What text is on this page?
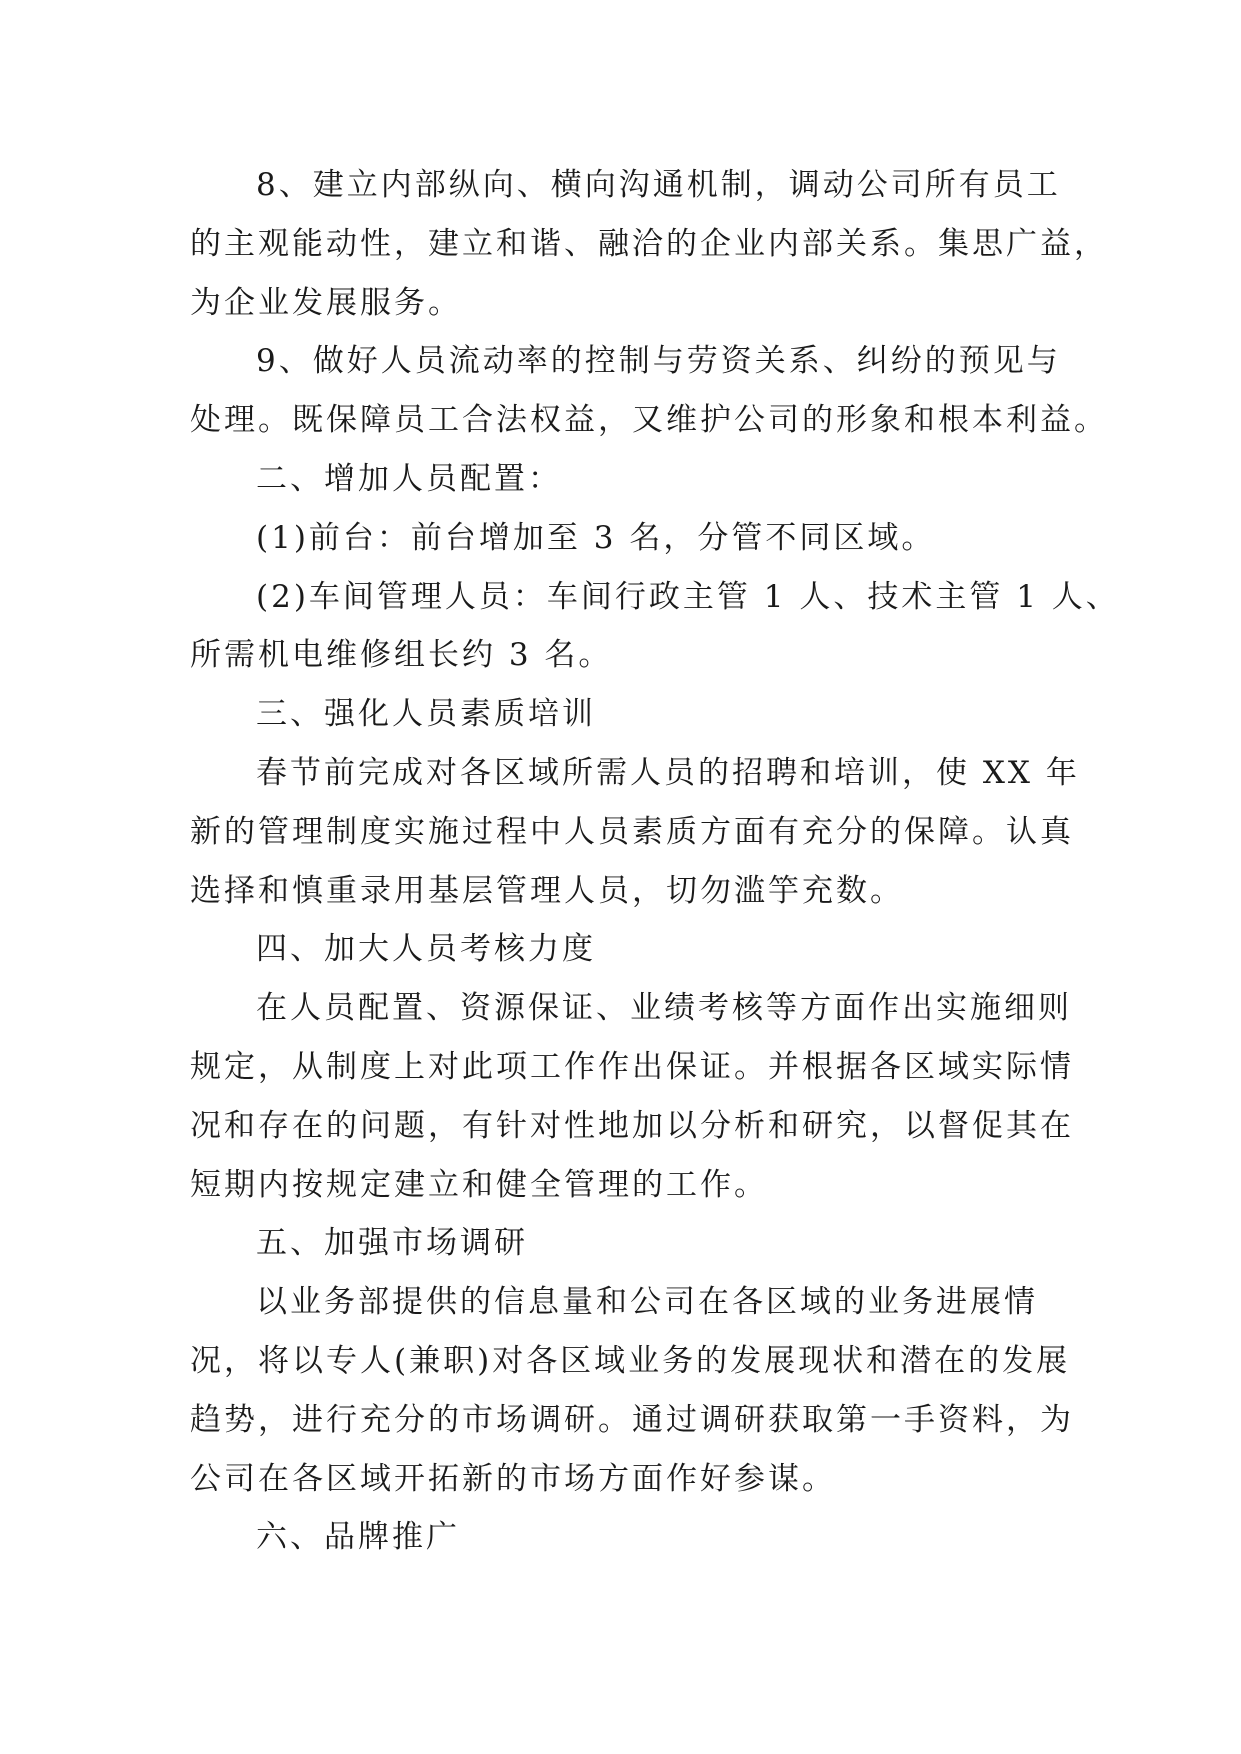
8、建立内部纵向、横向沟通机制，调动公司所有员工
的主观能动性，建立和谐、融洽的企业内部关系。集思广益，
为企业发展服务。
9、做好人员流动率的控制与劳资关系、纠纷的预见与
处理。既保障员工合法权益，又维护公司的形象和根本利益。
二、增加人员配置：
(1)前台：前台增加至 3 名，分管不同区域。
(2)车间管理人员：车间行政主管 1 人、技术主管 1 人、
所需机电维修组长约 3 名。
三、强化人员素质培训
春节前完成对各区域所需人员的招聘和培训，使 XX 年
新的管理制度实施过程中人员素质方面有充分的保障。认真
选择和慎重录用基层管理人员，切勿滥竽充数。
四、加大人员考核力度
在人员配置、资源保证、业绩考核等方面作出实施细则
规定，从制度上对此项工作作出保证。并根据各区域实际情
况和存在的问题，有针对性地加以分析和研究，以督促其在
短期内按规定建立和健全管理的工作。
五、加强市场调研
以业务部提供的信息量和公司在各区域的业务进展情
况，将以专人(兼职)对各区域业务的发展现状和潜在的发展
趋势，进行充分的市场调研。通过调研获取第一手资料，为
公司在各区域开拓新的市场方面作好参谋。
六、品牌推广
